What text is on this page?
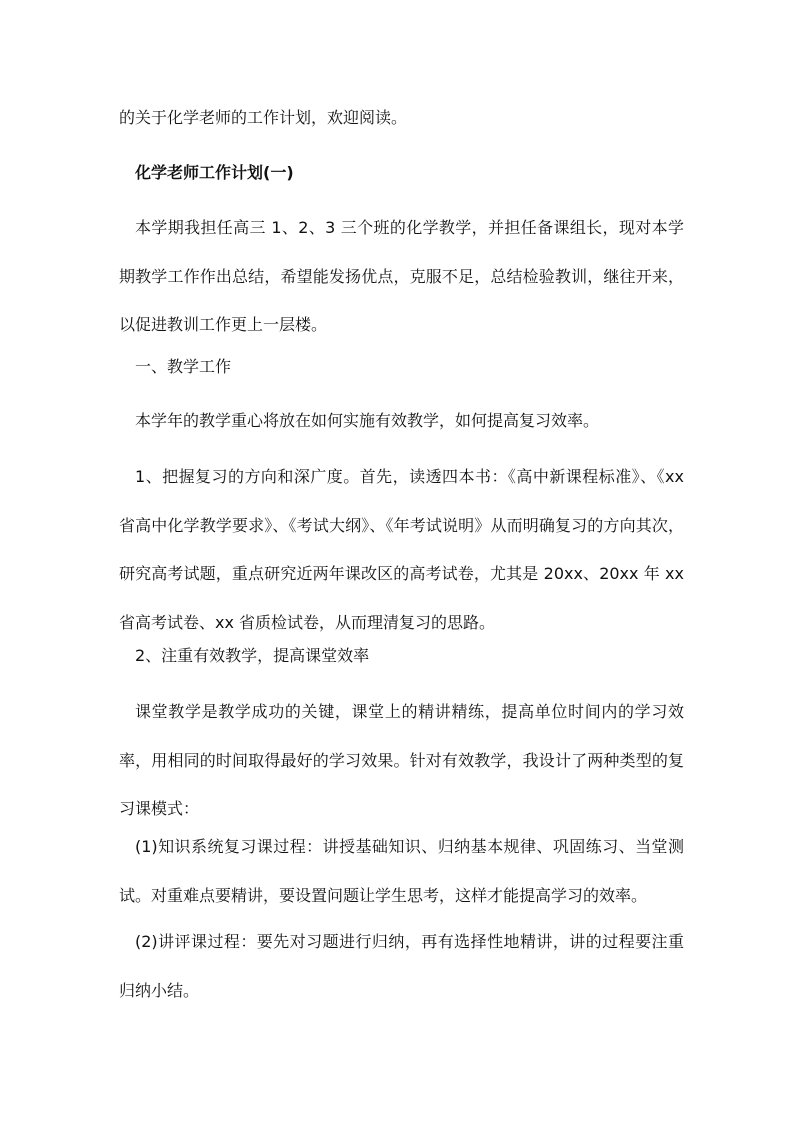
的关于化学老师的工作计划，欢迎阅读。

化学老师工作计划(一)

本学期我担任高三 1、2、3 三个班的化学教学，并担任备课组长，现对本学期教学工作作出总结，希望能发扬优点，克服不足，总结检验教训，继往开来，以促进教训工作更上一层楼。

一、教学工作

本学年的教学重心将放在如何实施有效教学，如何提高复习效率。

1、把握复习的方向和深广度。首先，读透四本书：《高中新课程标准》、《xx 省高中化学教学要求》、《考试大纲》、《年考试说明》从而明确复习的方向其次，研究高考试题，重点研究近两年课改区的高考试卷，尤其是 20xx、20xx 年 xx 省高考试卷、xx 省质检试卷，从而理清复习的思路。

2、注重有效教学，提高课堂效率

课堂教学是教学成功的关键，课堂上的精讲精练，提高单位时间内的学习效率，用相同的时间取得最好的学习效果。针对有效教学，我设计了两种类型的复习课模式：

(1)知识系统复习课过程：讲授基础知识、归纳基本规律、巩固练习、当堂测试。对重难点要精讲，要设置问题让学生思考，这样才能提高学习的效率。

(2)讲评课过程：要先对习题进行归纳，再有选择性地精讲，讲的过程要注重归纳小结。
